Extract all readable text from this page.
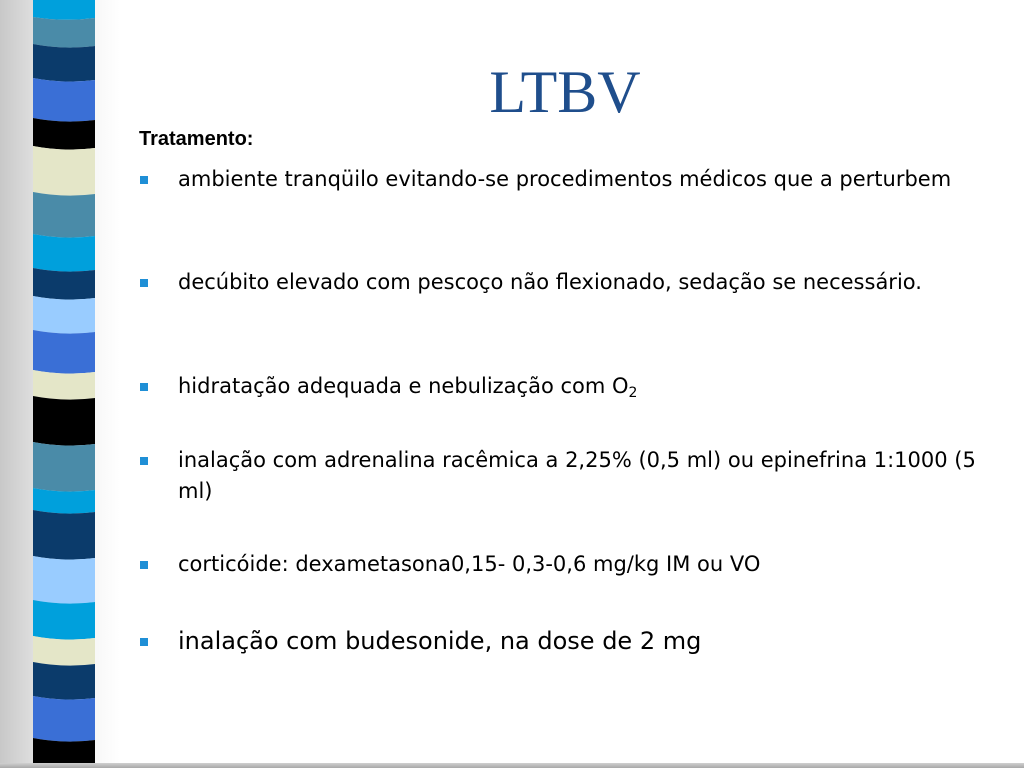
LTBV
Tratamento:
ambiente tranqüilo evitando-se procedimentos médicos que a perturbem
decúbito elevado com pescoço não flexionado, sedação se necessário.
hidratação adequada e nebulização com $O_2$
inalação com adrenalina racêmica a 2,25% (0,5 ml) ou epinefrina 1:1000 (5 ml)
corticóide: dexametasona0,15- 0,3-0,6 mg/kg IM ou VO
inalação com budesonide, na dose de 2 mg
